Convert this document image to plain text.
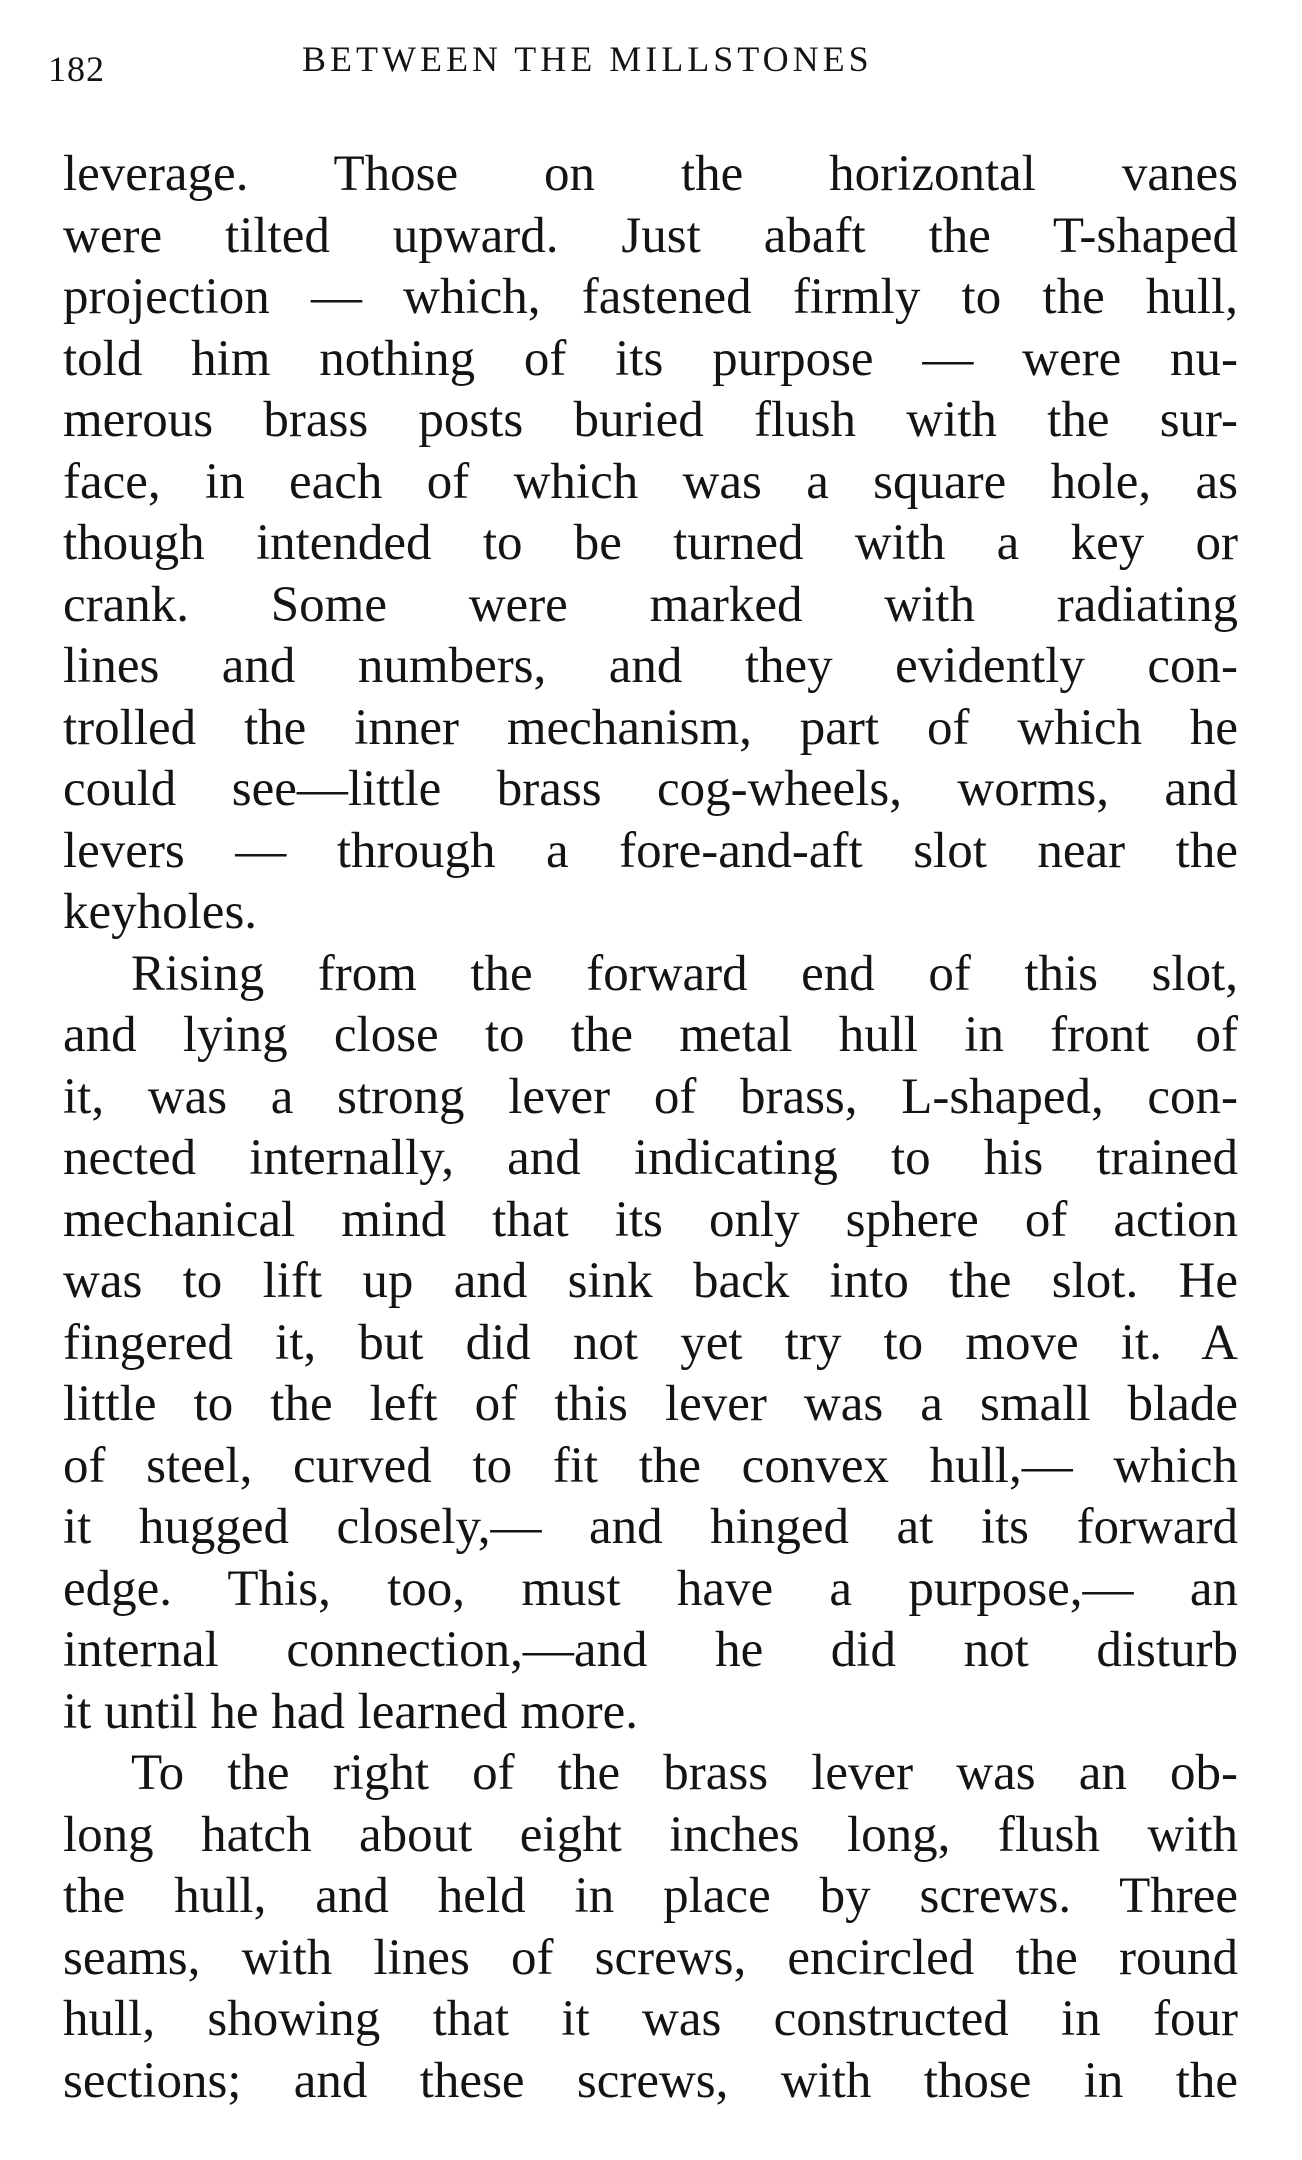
182	BETWEEN THE MILLSTONES
leverage. Those on the horizontal vanes
were tilted upward. Just abaft the T-shaped
projection — which, fastened firmly to the hull,
told him nothing of its purpose — were nu-
merous brass posts buried flush with the sur-
face, in each of which was a square hole, as
though intended to be turned with a key or
crank. Some were marked with radiating
lines and numbers, and they evidently con-
trolled the inner mechanism, part of which he
could see—little brass cog-wheels, worms, and
levers — through a fore-and-aft slot near the
keyholes.
Rising from the forward end of this slot,
and lying close to the metal hull in front of
it, was a strong lever of brass, L-shaped, con-
nected internally, and indicating to his trained
mechanical mind that its only sphere of action
was to lift up and sink back into the slot. He
fingered it, but did not yet try to move it. A
little to the left of this lever was a small blade
of steel, curved to fit the convex hull,— which
it hugged closely,— and hinged at its forward
edge. This, too, must have a purpose,— an
internal connection,—and he did not disturb
it until he had learned more.
To the right of the brass lever was an ob-
long hatch about eight inches long, flush with
the hull, and held in place by screws. Three
seams, with lines of screws, encircled the round
hull, showing that it was constructed in four
sections; and these screws, with those in the
